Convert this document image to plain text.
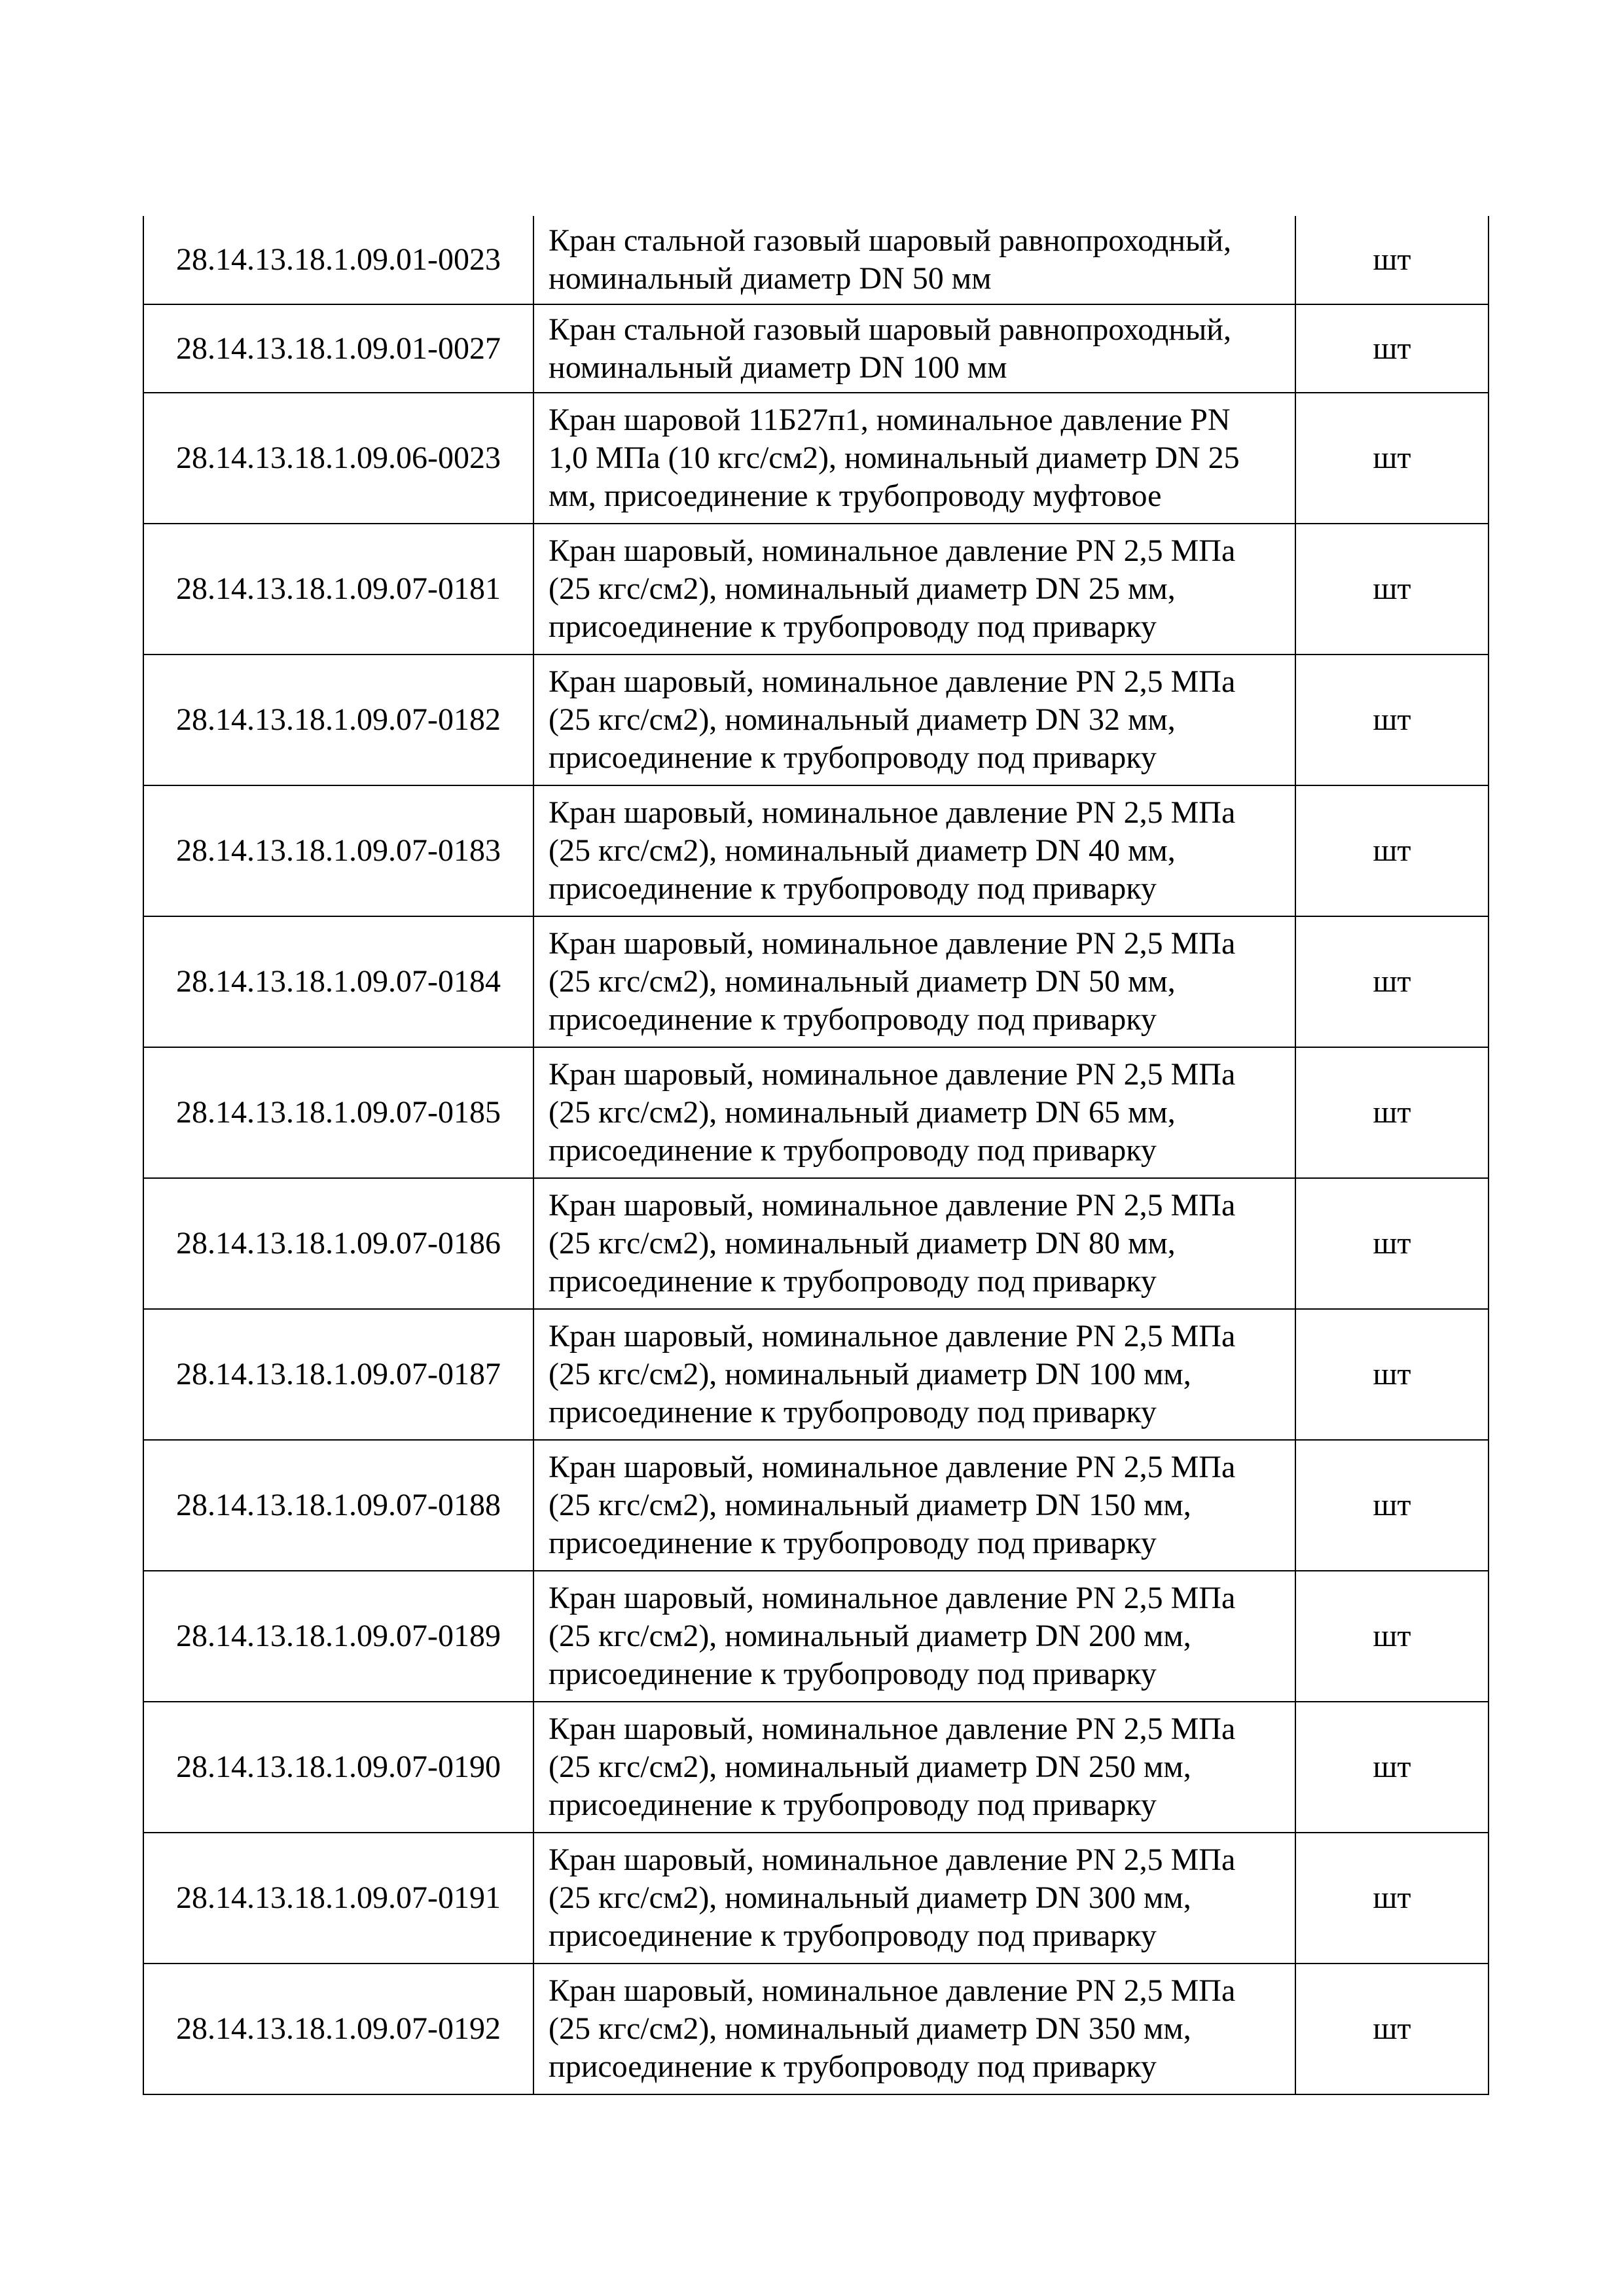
28.14.13.18.1.09.01-0023	Кран стальной газовый шаровый равнопроходный,
номинальный диаметр DN 50 мм	шт
28.14.13.18.1.09.01-0027	Кран стальной газовый шаровый равнопроходный,
номинальный диаметр DN 100 мм	шт
28.14.13.18.1.09.06-0023	Кран шаровой 11Б27п1, номинальное давление PN
1,0 МПа (10 кгс/см2), номинальный диаметр DN 25
мм, присоединение к трубопроводу муфтовое	шт
28.14.13.18.1.09.07-0181	Кран шаровый, номинальное давление PN 2,5 МПа
(25 кгс/см2), номинальный диаметр DN 25 мм,
присоединение к трубопроводу под приварку	шт
28.14.13.18.1.09.07-0182	Кран шаровый, номинальное давление PN 2,5 МПа
(25 кгс/см2), номинальный диаметр DN 32 мм,
присоединение к трубопроводу под приварку	шт
28.14.13.18.1.09.07-0183	Кран шаровый, номинальное давление PN 2,5 МПа
(25 кгс/см2), номинальный диаметр DN 40 мм,
присоединение к трубопроводу под приварку	шт
28.14.13.18.1.09.07-0184	Кран шаровый, номинальное давление PN 2,5 МПа
(25 кгс/см2), номинальный диаметр DN 50 мм,
присоединение к трубопроводу под приварку	шт
28.14.13.18.1.09.07-0185	Кран шаровый, номинальное давление PN 2,5 МПа
(25 кгс/см2), номинальный диаметр DN 65 мм,
присоединение к трубопроводу под приварку	шт
28.14.13.18.1.09.07-0186	Кран шаровый, номинальное давление PN 2,5 МПа
(25 кгс/см2), номинальный диаметр DN 80 мм,
присоединение к трубопроводу под приварку	шт
28.14.13.18.1.09.07-0187	Кран шаровый, номинальное давление PN 2,5 МПа
(25 кгс/см2), номинальный диаметр DN 100 мм,
присоединение к трубопроводу под приварку	шт
28.14.13.18.1.09.07-0188	Кран шаровый, номинальное давление PN 2,5 МПа
(25 кгс/см2), номинальный диаметр DN 150 мм,
присоединение к трубопроводу под приварку	шт
28.14.13.18.1.09.07-0189	Кран шаровый, номинальное давление PN 2,5 МПа
(25 кгс/см2), номинальный диаметр DN 200 мм,
присоединение к трубопроводу под приварку	шт
28.14.13.18.1.09.07-0190	Кран шаровый, номинальное давление PN 2,5 МПа
(25 кгс/см2), номинальный диаметр DN 250 мм,
присоединение к трубопроводу под приварку	шт
28.14.13.18.1.09.07-0191	Кран шаровый, номинальное давление PN 2,5 МПа
(25 кгс/см2), номинальный диаметр DN 300 мм,
присоединение к трубопроводу под приварку	шт
28.14.13.18.1.09.07-0192	Кран шаровый, номинальное давление PN 2,5 МПа
(25 кгс/см2), номинальный диаметр DN 350 мм,
присоединение к трубопроводу под приварку	шт
